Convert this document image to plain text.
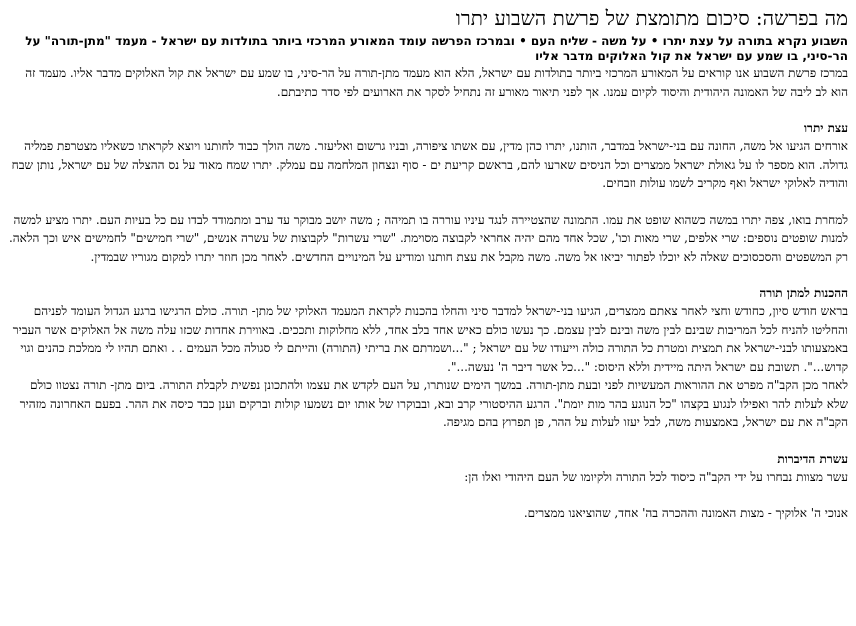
מה בפרשה: סיכום מתומצת של פרשת השבוע יתרו

השבוע נקרא בתורה על עצת יתרו • על משה - שליח העם • ובמרכז הפרשה עומד המאורע המרכזי ביותר בתולדות עם ישראל - מעמד "מתן-תורה" על הר-סיני, בו שמע עם ישראל את קול האלוקים מדבר אליו

במרכז פרשת השבוע אנו קוראים על המאורע המרכזי ביותר בתולדות עם ישראל, הלא הוא מעמד מתן-תורה על הר-סיני, בו שמע עם ישראל את קול האלוקים מדבר אליו. מעמד זה הוא לב ליבה של האמונה היהודית והיסוד לקיום עמנו. אך לפני תיאור מאורע זה נתחיל לסקר את הארועים לפי סדר כתיבתם.

עצת יתרו

אורחים הגיעו אל משה, החונה עם בני-ישראל במדבר, הותנו, יתרו כהן מדין, עם אשתו ציפורה, ובניו גרשום ואליעזר. משה הולך כבוד לחותנו ויוצא לקראתו כשאליו מצטרפת פמליה גדולה. הוא מספר לו על גאולת ישראל ממצרים וכל הניסים שארעו להם, בראשם קריעת ים - סוף ונצחון המלחמה עם עמלק. יתרו שמח מאוד על נס ההצלה של עם ישראל, נותן שבח והודיה לאלוקי ישראל ואף מקריב לשמו עולות וזבחים.

למחרת בואו, צפה יתרו במשה כשהוא שופט את עמו. התמונה שהצטיירה לנגד עיניו עוררה בו תמיהה ; משה יושב מבוקר עד ערב ומתמודד לבדו עם כל בעיות העם. יתרו מציע למשה למנות שופטים נוספים: שרי אלפים, שרי מאות וכו', שכל אחד מהם יהיה אחראי לקבוצה מסוימת. "שרי עשרות" לקבוצות של עשרה אנשים, "שרי חמישים" לחמישים איש וכך הלאה. רק המשפטים והסכסוכים שאלה לא יוכלו לפתור יביאו אל משה. משה מקבל את עצת חותנו ומודיע על המינויים החדשים. לאחר מכן חוזר יתרו למקום מגוריו שבמדין.

ההכנות למתן תורה

בראש חודש סיון, כחודש וחצי לאחר צאתם ממצרים, הגיעו בני-ישראל למדבר סיני והחלו בהכנות לקראת המעמד האלוקי של מתן- תורה. כולם הרגישו ברגע הגדול העומד לפניהם והחליטו להניח לכל המריבות שבינם לבין משה ובינם לבין עצמם. כך נעשו כולם כאיש אחד בלב אחד, ללא מחלוקות ותככים. באווירת אחדות שכזו עלה משה אל האלוקים אשר העביר באמצעותו לבני-ישראל את תמצית ומטרת כל התורה כולה וייעודו של עם ישראל ; "...ושמרתם את בריתי (התורה) והייתם לי סגולה מכל העמים . . ואתם תהיו לי ממלכת כהנים וגוי קדוש...". תשובת עם ישראל היתה מיידית וללא היסוס: "...כל אשר דיבר ה' נעשה...".

לאחר מכן הקב"ה מפרט את ההוראות המעשיות לפני ובעת מתן-תורה. במשך הימים שנותרו, על העם לקדש את עצמו ולהתכונן נפשית לקבלת התורה. ביום מתן- תורה נצטוו כולם שלא לעלות להר ואפילו לנגוע בקצהו "כל הנוגע בהר מות יומת". הרגע ההיסטורי קרב ובא, ובבוקרו של אותו יום נשמעו קולות וברקים וענן כבד כיסה את ההר. בפעם האחרונה מזהיר הקב"ה את עם ישראל, באמצעות משה, לבל יעזו לעלות על ההר, פן תפרוץ בהם מגיפה.

עשרת הדיברות

עשר מצוות נבחרו על ידי הקב"ה כיסוד לכל התורה ולקיומו של העם היהודי ואלו הן:

אנוכי ה' אלוקיך - מצות האמונה וההכרה בה' אחד, שהוציאנו ממצרים.
